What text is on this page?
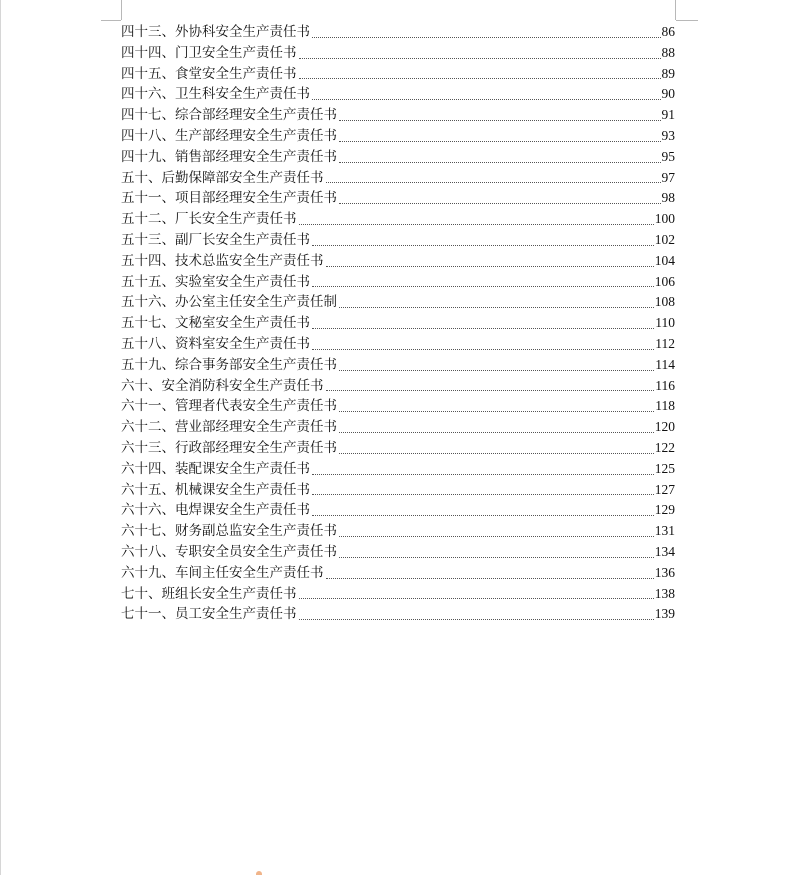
四十三、外协科安全生产责任书	86
四十四、门卫安全生产责任书	88
四十五、食堂安全生产责任书	89
四十六、卫生科安全生产责任书	90
四十七、综合部经理安全生产责任书	91
四十八、生产部经理安全生产责任书	93
四十九、销售部经理安全生产责任书	95
五十、后勤保障部安全生产责任书	97
五十一、项目部经理安全生产责任书	98
五十二、厂长安全生产责任书	100
五十三、副厂长安全生产责任书	102
五十四、技术总监安全生产责任书	104
五十五、实验室安全生产责任书	106
五十六、办公室主任安全生产责任制	108
五十七、文秘室安全生产责任书	110
五十八、资料室安全生产责任书	112
五十九、综合事务部安全生产责任书	114
六十、安全消防科安全生产责任书	116
六十一、管理者代表安全生产责任书	118
六十二、营业部经理安全生产责任书	120
六十三、行政部经理安全生产责任书	122
六十四、装配课安全生产责任书	125
六十五、机械课安全生产责任书	127
六十六、电焊课安全生产责任书	129
六十七、财务副总监安全生产责任书	131
六十八、专职安全员安全生产责任书	134
六十九、车间主任安全生产责任书	136
七十、班组长安全生产责任书	138
七十一、员工安全生产责任书	139
